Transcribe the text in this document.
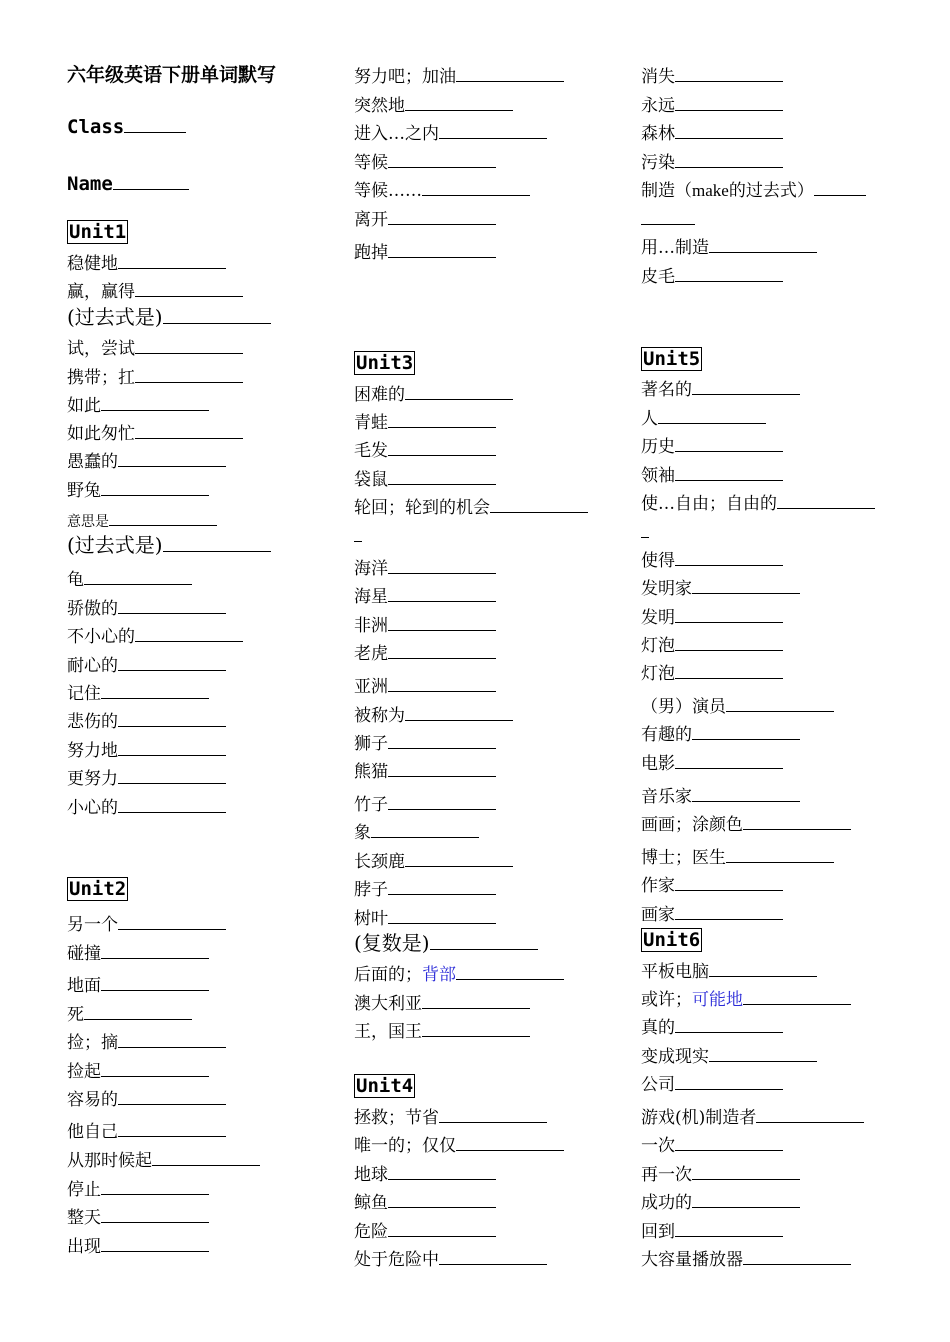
六年级英语下册单词默写
Class
Name
Unit1
稳健地
赢，赢得
(过去式是)
试，尝试
携带；扛
如此
如此匆忙
愚蠢的
野兔
意思是
(过去式是)
龟
骄傲的
不小心的
耐心的
记住
悲伤的
努力地
更努力
小心的
Unit2
另一个
碰撞
地面
死
捡；摘
捡起
容易的
他自己
从那时候起
停止
整天
出现
努力吧；加油
突然地
进入…之内
等候
等候……
离开
跑掉
Unit3
困难的
青蛙
毛发
袋鼠
轮回；轮到的机会
海洋
海星
非洲
老虎
亚洲
被称为
狮子
熊猫
竹子
象
长颈鹿
脖子
树叶
(复数是)
后面的；背部
澳大利亚
王，国王
Unit4
拯救；节省
唯一的；仅仅
地球
鲸鱼
危险
处于危险中
消失
永远
森林
污染
制造（make的过去式）
用…制造
皮毛
Unit5
著名的
人
历史
领袖
使…自由；自由的
使得
发明家
发明
灯泡
灯泡
（男）演员
有趣的
电影
音乐家
画画；涂颜色
博士；医生
作家
画家
Unit6
平板电脑
或许；可能地
真的
变成现实
公司
游戏(机)制造者
一次
再一次
成功的
回到
大容量播放器
